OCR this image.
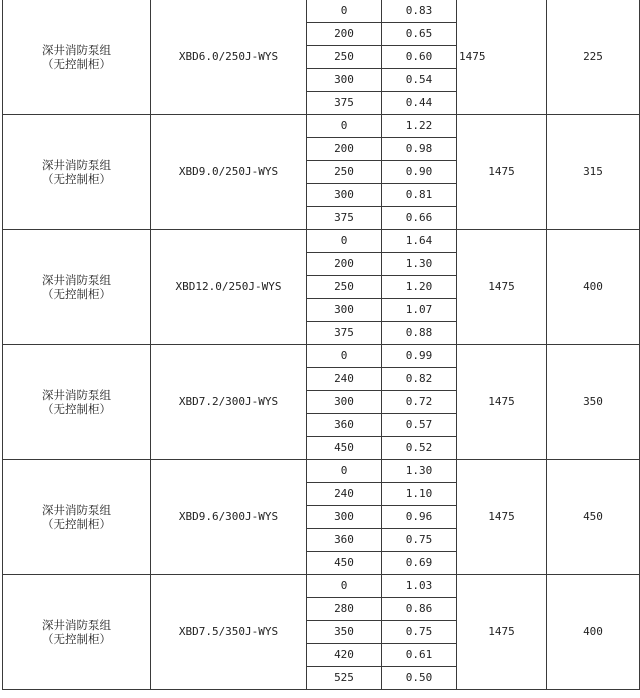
深井消防泵组
（无控制柜）	XBD6.0/250J-WYS	0	0.83	1475	225
		200	0.65		
		250	0.60		
		300	0.54		
		375	0.44		

深井消防泵组
（无控制柜）	XBD9.0/250J-WYS	0	1.22	1475	315
		200	0.98		
		250	0.90		
		300	0.81		
		375	0.66		

深井消防泵组
（无控制柜）	XBD12.0/250J-WYS	0	1.64	1475	400
		200	1.30		
		250	1.20		
		300	1.07		
		375	0.88		

深井消防泵组
（无控制柜）	XBD7.2/300J-WYS	0	0.99	1475	350
		240	0.82		
		300	0.72		
		360	0.57		
		450	0.52		

深井消防泵组
（无控制柜）	XBD9.6/300J-WYS	0	1.30	1475	450
		240	1.10		
		300	0.96		
		360	0.75		
		450	0.69		

深井消防泵组
（无控制柜）	XBD7.5/350J-WYS	0	1.03	1475	400
		280	0.86		
		350	0.75		
		420	0.61		
		525	0.50		
